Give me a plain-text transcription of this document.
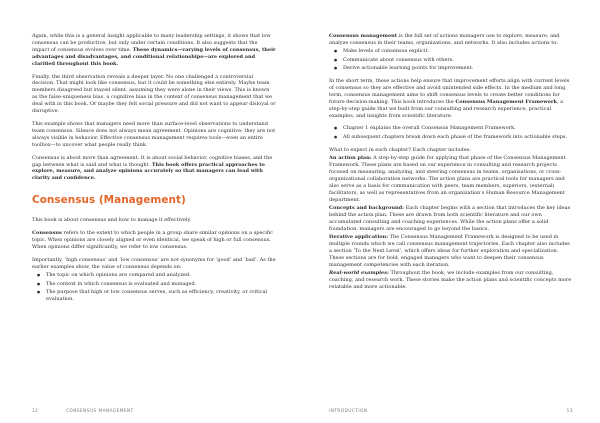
Again, while this is a general insight applicable to many leadership settings, it shows that low consensus can be productive, but only under certain conditions. It also suggests that the impact of consensus evolves over time. These dynamics—varying levels of consensus, their advantages and disadvantages, and conditional relationships—are explored and clarified throughout this book.

Finally, the third observation reveals a deeper layer. No one challenged a controversial decision. That might look like consensus, but it could be something else entirely. Maybe team members disagreed but stayed silent, assuming they were alone in their views. This is known as the false-uniqueness bias, a cognitive bias in the context of consensus management that we deal with in this book. Or maybe they felt social pressure and did not want to appear disloyal or disruptive.

This example shows that managers need more than surface-level observations to understand team consensus. Silence does not always mean agreement. Opinions are cognitive: they are not always visible in behavior. Effective consensus management requires tools—even an entire toolbox—to uncover what people really think.

Consensus is about more than agreement. It is about social behavior, cognitive biases, and the gap between what is said and what is thought. This book offers practical approaches to explore, measure, and analyze opinions accurately so that managers can lead with clarity and confidence.

Consensus (Management)

This book is about consensus and how to manage it effectively.

Consensus refers to the extent to which people in a group share similar opinions on a specific topic. When opinions are closely aligned or even identical, we speak of high or full consensus. When opinions differ significantly, we refer to low consensus.

Importantly, ‘high consensus’ and ‘low consensus’ are not synonyms for ‘good’ and ‘bad’. As the earlier examples show, the value of consensus depends on:

● The topic on which opinions are compared and analyzed.
● The context in which consensus is evaluated and managed.
● The purpose that high or low consensus serves, such as efficiency, creativity, or critical evaluation.
12	CONSENSUS MANAGEMENT

Consensus management is the full set of actions managers use to explore, measure, and analyze consensus in their teams, organizations, and networks. It also includes actions to:

● Make levels of consensus explicit.
● Communicate about consensus with others.
● Derive actionable learning points for improvement.

In the short term, these actions help ensure that improvement efforts align with current levels of consensus so they are effective and avoid unintended side effects. In the medium and long term, consensus management aims to shift consensus levels to create better conditions for future decision-making. This book introduces the Consensus Management Framework, a step-by-step guide that we built from our consulting and research experience, practical examples, and insights from scientific literature.

● Chapter 1 explains the overall Consensus Management Framework.
● All subsequent chapters break down each phase of the framework into actionable steps.

What to expect in each chapter? Each chapter includes:

An action plan: A step-by-step guide for applying that phase of the Consensus Management Framework. These plans are based on our experience in consulting and research projects focused on measuring, analyzing, and steering consensus in teams, organizations, or cross-organizational collaboration networks. The action plans are practical tools for managers and also serve as a basis for communication with peers, team members, superiors, (external) facilitators, as well as representatives from an organization’s Human Resource Management department.

Concepts and background: Each chapter begins with a section that introduces the key ideas behind the action plan. These are drawn from both scientific literature and our own accumulated consulting and coaching experiences. While the action plans offer a solid foundation, managers are encouraged to go beyond the basics.

Iterative application: The Consensus Management Framework is designed to be used in multiple rounds which we call consensus management trajectories. Each chapter also includes a section ‘To the Next Level’, which offers ideas for further exploration and specialization. These sections are for bold, engaged managers who want to deepen their consensus management competencies with each iteration.

Real-world examples: Throughout the book, we include examples from our consulting, coaching, and research work. These stories make the action plans and scientific concepts more relatable and more actionable.

INTRODUCTION	13
